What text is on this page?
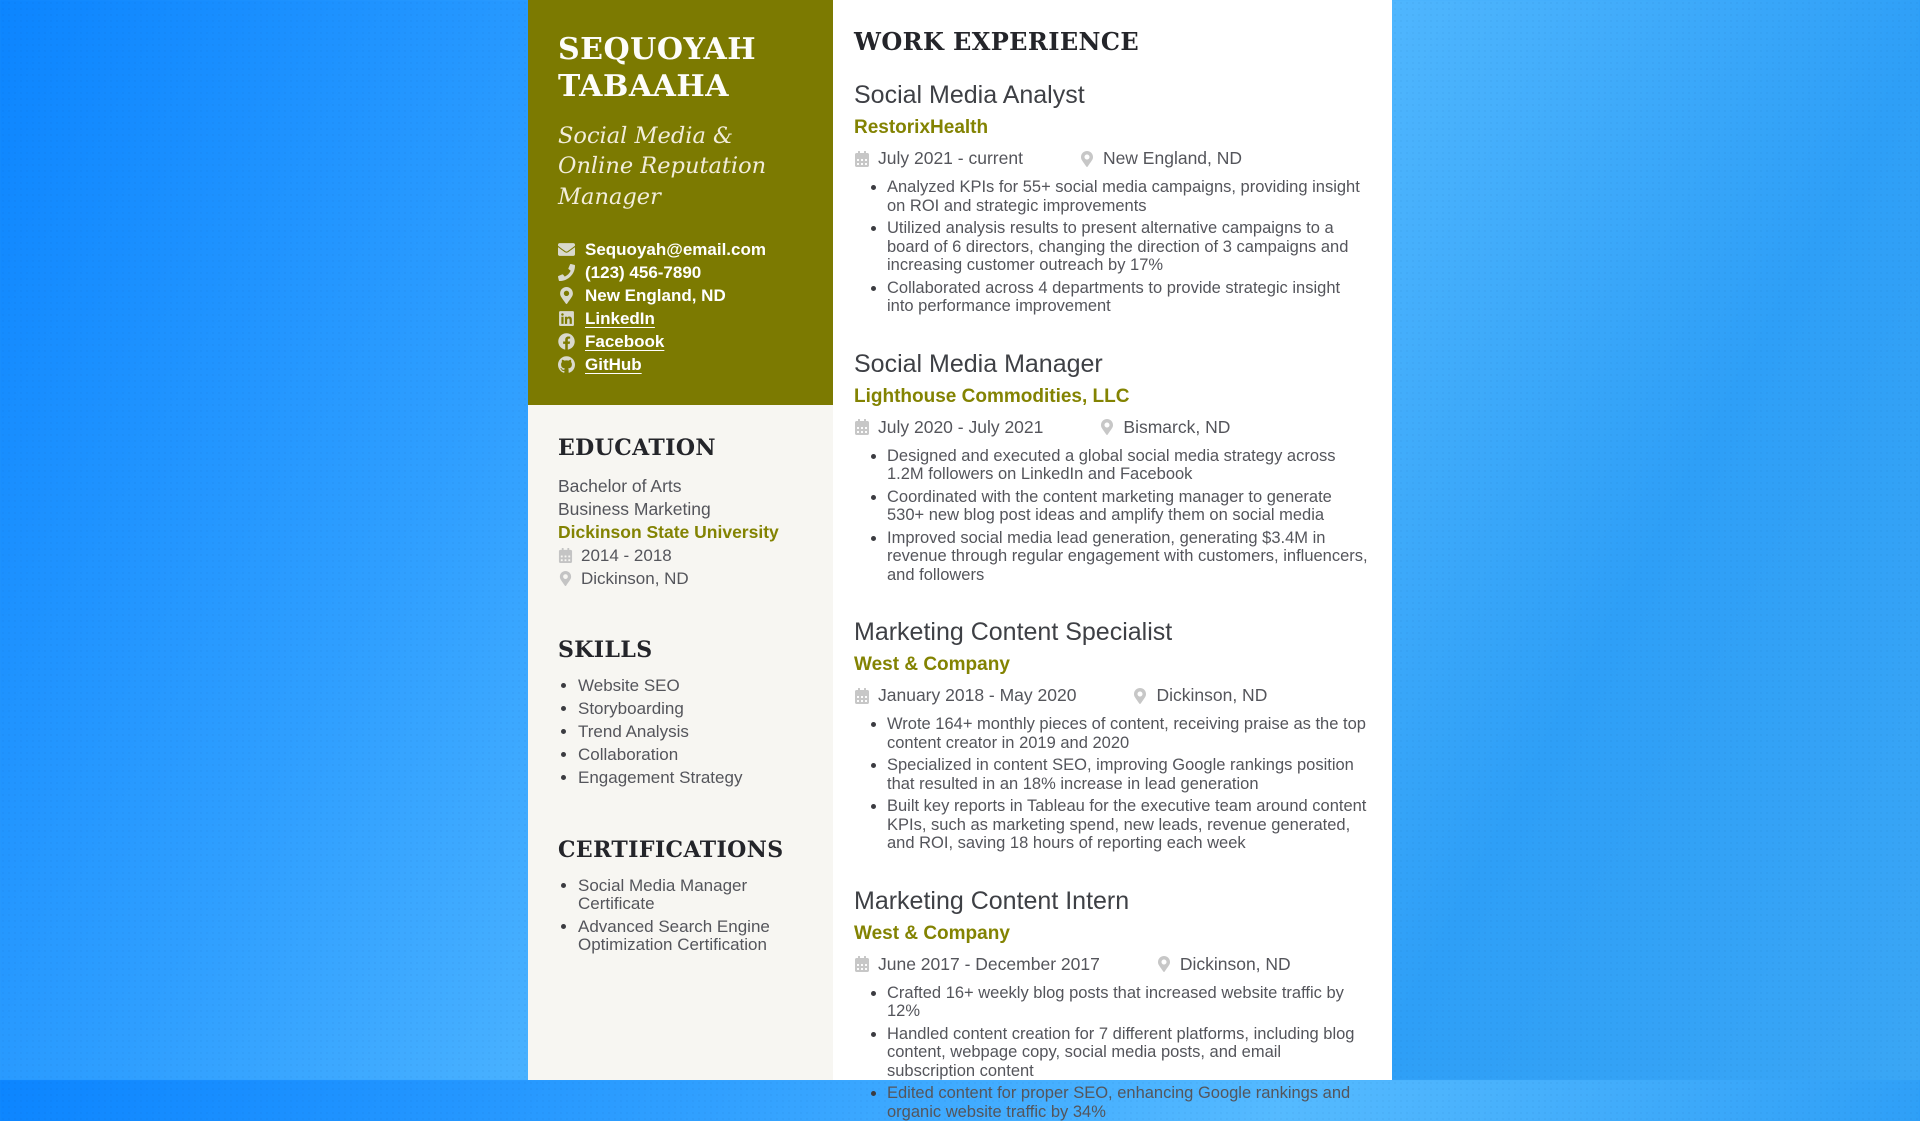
SEQUOYAH TABAAHA
Social Media & Online Reputation Manager
Sequoyah@email.com
(123) 456-7890
New England, ND
LinkedIn
Facebook
GitHub
EDUCATION
Bachelor of Arts
Business Marketing
Dickinson State University
2014 - 2018
Dickinson, ND
SKILLS
• Website SEO
• Storyboarding
• Trend Analysis
• Collaboration
• Engagement Strategy
CERTIFICATIONS
• Social Media Manager Certificate
• Advanced Search Engine Optimization Certification
WORK EXPERIENCE
Social Media Analyst
RestorixHealth
July 2021 - current	New England, ND
• Analyzed KPIs for 55+ social media campaigns, providing insight on ROI and strategic improvements
• Utilized analysis results to present alternative campaigns to a board of 6 directors, changing the direction of 3 campaigns and increasing customer outreach by 17%
• Collaborated across 4 departments to provide strategic insight into performance improvement
Social Media Manager
Lighthouse Commodities, LLC
July 2020 - July 2021	Bismarck, ND
• Designed and executed a global social media strategy across 1.2M followers on LinkedIn and Facebook
• Coordinated with the content marketing manager to generate 530+ new blog post ideas and amplify them on social media
• Improved social media lead generation, generating $3.4M in revenue through regular engagement with customers, influencers, and followers
Marketing Content Specialist
West & Company
January 2018 - May 2020	Dickinson, ND
• Wrote 164+ monthly pieces of content, receiving praise as the top content creator in 2019 and 2020
• Specialized in content SEO, improving Google rankings position that resulted in an 18% increase in lead generation
• Built key reports in Tableau for the executive team around content KPIs, such as marketing spend, new leads, revenue generated, and ROI, saving 18 hours of reporting each week
Marketing Content Intern
West & Company
June 2017 - December 2017	Dickinson, ND
• Crafted 16+ weekly blog posts that increased website traffic by 12%
• Handled content creation for 7 different platforms, including blog content, webpage copy, social media posts, and email subscription content
• Edited content for proper SEO, enhancing Google rankings and organic website traffic by 34%
